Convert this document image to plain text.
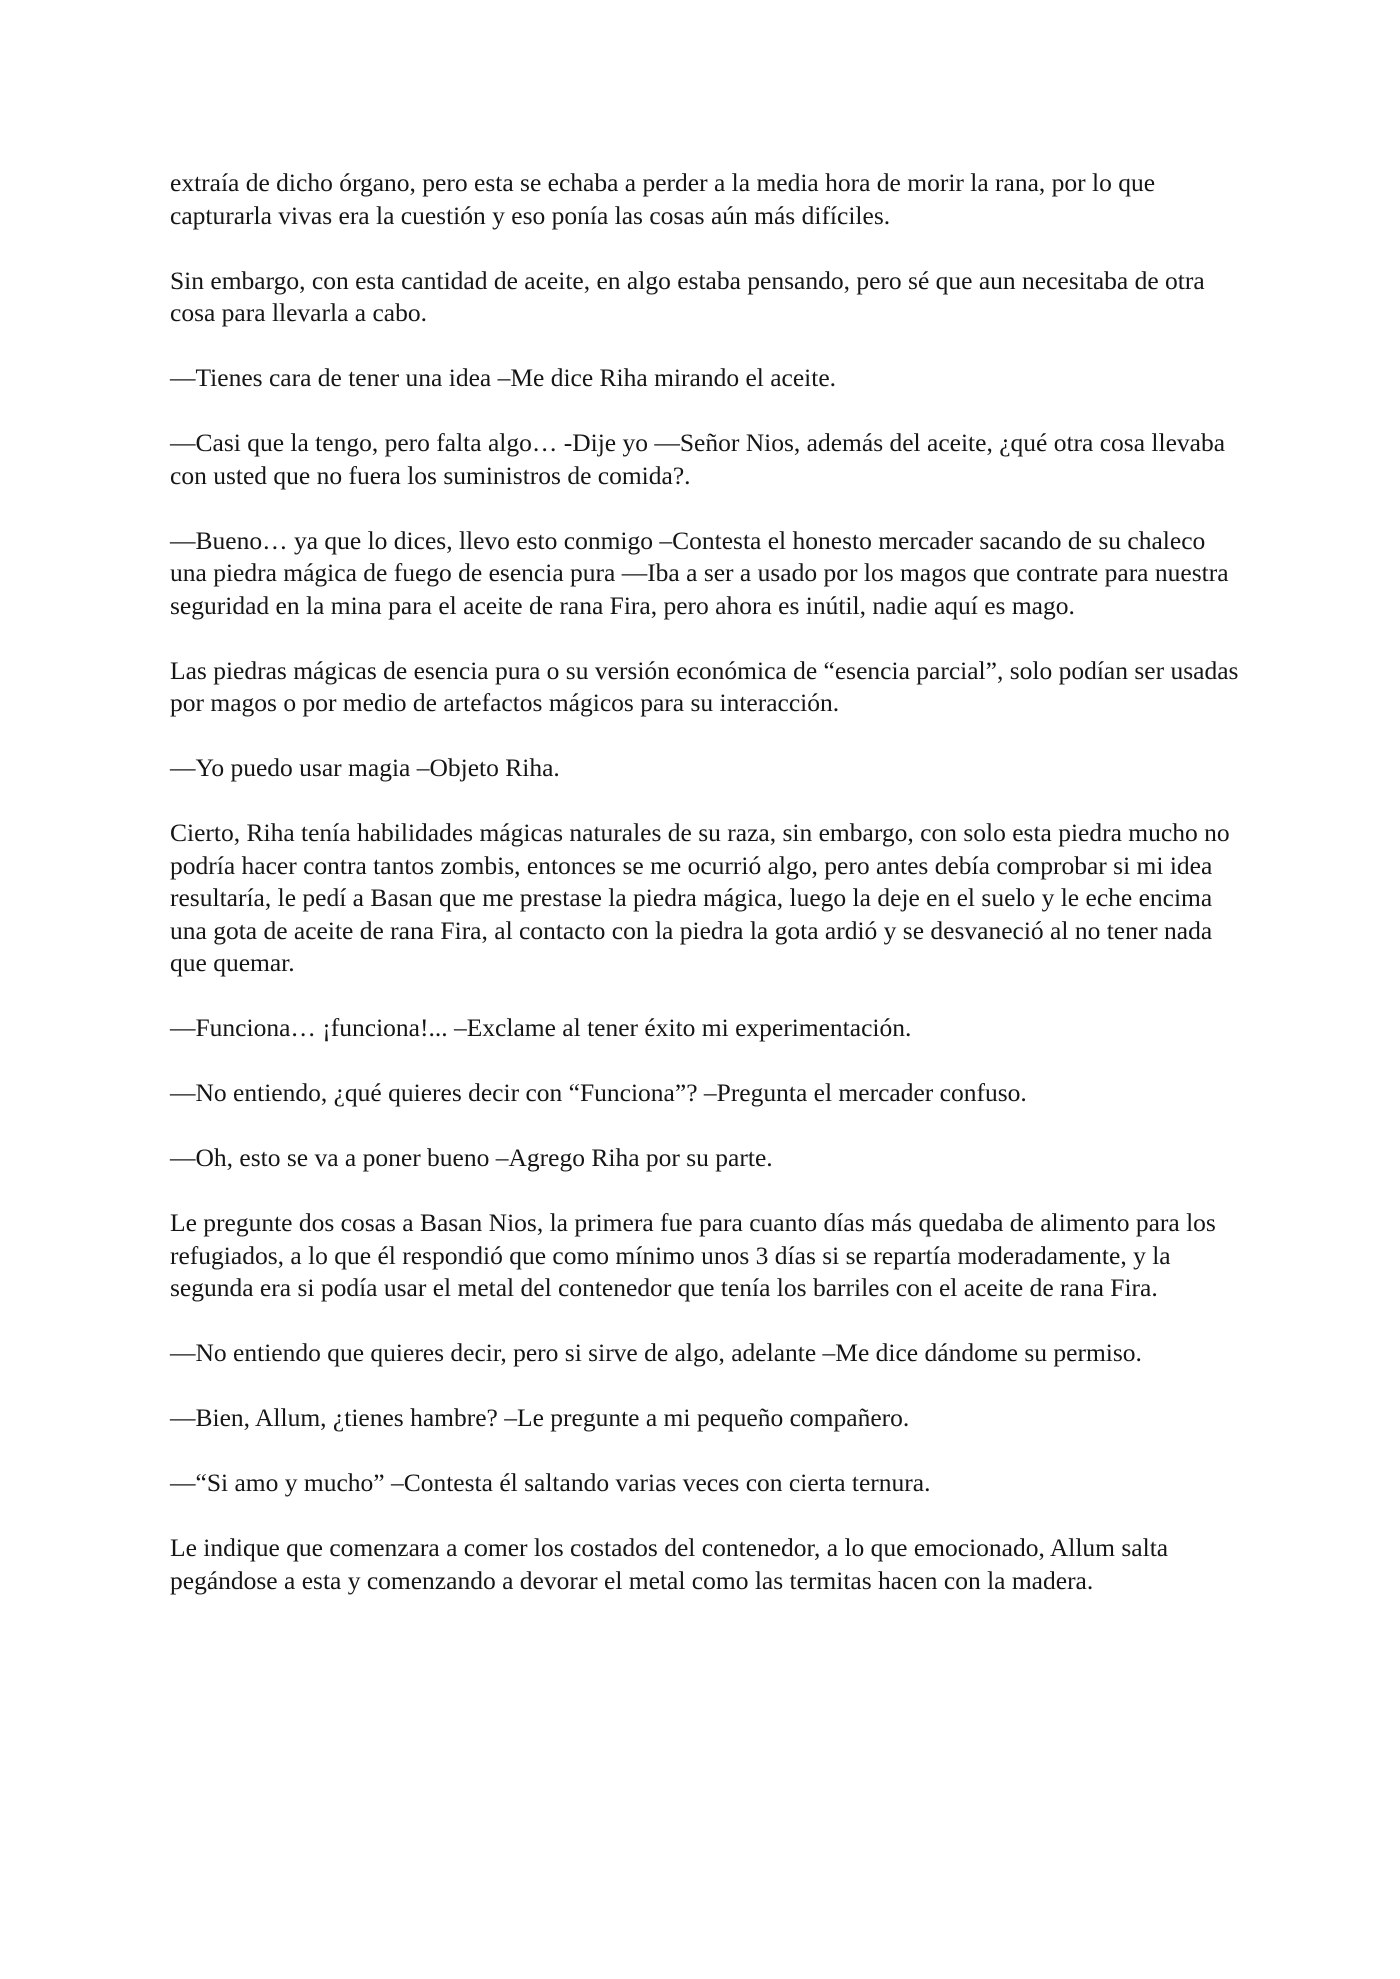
extraía de dicho órgano, pero esta se echaba a perder a la media hora de morir la rana, por lo que capturarla vivas era la cuestión y eso ponía las cosas aún más difíciles.

Sin embargo, con esta cantidad de aceite, en algo estaba pensando, pero sé que aun necesitaba de otra cosa para llevarla a cabo.

—Tienes cara de tener una idea –Me dice Riha mirando el aceite.

—Casi que la tengo, pero falta algo… -Dije yo —Señor Nios, además del aceite, ¿qué otra cosa llevaba con usted que no fuera los suministros de comida?.

—Bueno… ya que lo dices, llevo esto conmigo –Contesta el honesto mercader sacando de su chaleco una piedra mágica de fuego de esencia pura —Iba a ser a usado por los magos que contrate para nuestra seguridad en la mina para el aceite de rana Fira, pero ahora es inútil, nadie aquí es mago.

Las piedras mágicas de esencia pura o su versión económica de “esencia parcial”, solo podían ser usadas por magos o por medio de artefactos mágicos para su interacción.

—Yo puedo usar magia –Objeto Riha.

Cierto, Riha tenía habilidades mágicas naturales de su raza, sin embargo, con solo esta piedra mucho no podría hacer contra tantos zombis, entonces se me ocurrió algo, pero antes debía comprobar si mi idea resultaría, le pedí a Basan que me prestase la piedra mágica, luego la deje en el suelo y le eche encima una gota de aceite de rana Fira, al contacto con la piedra la gota ardió y se desvaneció al no tener nada que quemar.

—Funciona… ¡funciona!... –Exclame al tener éxito mi experimentación.

—No entiendo, ¿qué quieres decir con “Funciona”? –Pregunta el mercader confuso.

—Oh, esto se va a poner bueno –Agrego Riha por su parte.

Le pregunte dos cosas a Basan Nios, la primera fue para cuanto días más quedaba de alimento para los refugiados, a lo que él respondió que como mínimo unos 3 días si se repartía moderadamente, y la segunda era si podía usar el metal del contenedor que tenía los barriles con el aceite de rana Fira.

—No entiendo que quieres decir, pero si sirve de algo, adelante –Me dice dándome su permiso.

—Bien, Allum, ¿tienes hambre? –Le pregunte a mi pequeño compañero.

—“Si amo y mucho” –Contesta él saltando varias veces con cierta ternura.

Le indique que comenzara a comer los costados del contenedor, a lo que emocionado, Allum salta pegándose a esta y comenzando a devorar el metal como las termitas hacen con la madera.
